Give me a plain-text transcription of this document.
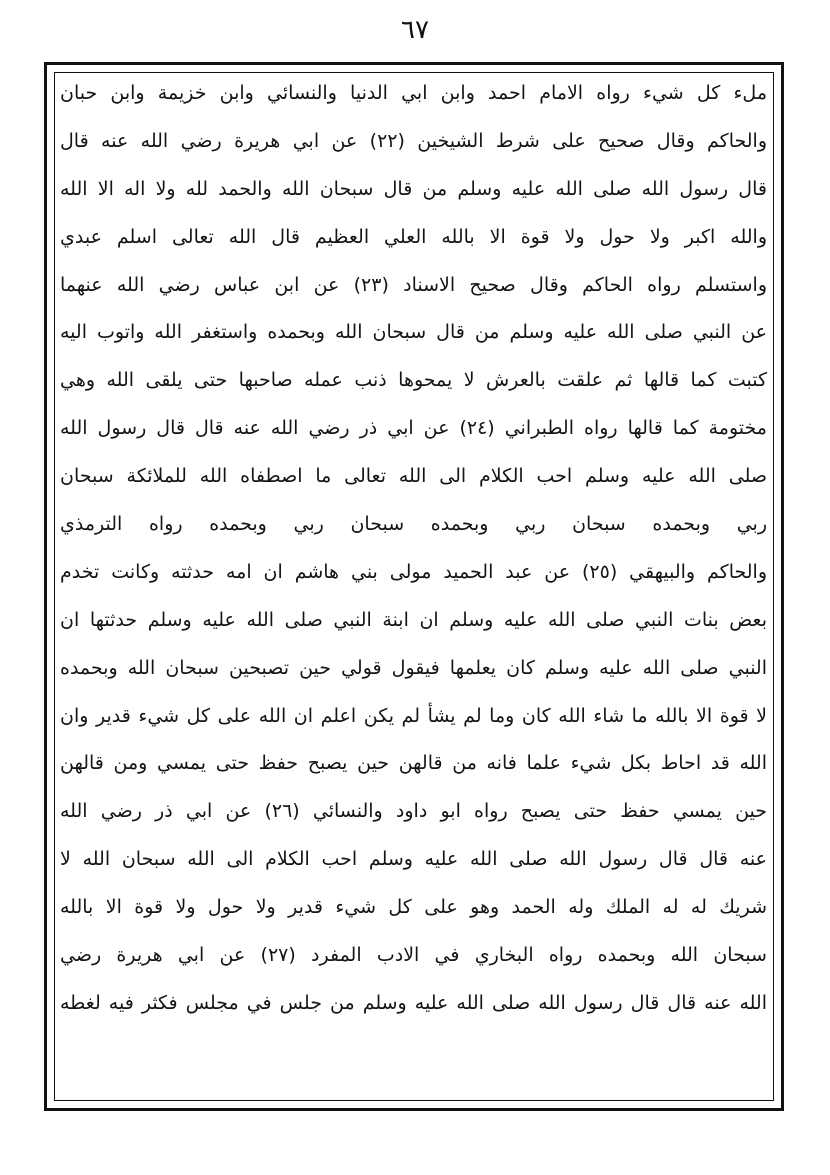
٦٧
ملء كل شيء رواه الامام احمد وابن ابي الدنيا والنسائي وابن خزيمة وابن حبان
والحاكم وقال صحيح على شرط الشيخين (٢٢) عن ابي هريرة رضي الله عنه قال
قال رسول الله صلى الله عليه وسلم من قال سبحان الله والحمد لله ولا اله الا الله
والله اكبر ولا حول ولا قوة الا بالله العلي العظيم قال الله تعالى اسلم عبدي
واستسلم رواه الحاكم وقال صحيح الاسناد (٢٣) عن ابن عباس رضي الله عنهما
عن النبي صلى الله عليه وسلم من قال سبحان الله وبحمده واستغفر الله واتوب اليه
كتبت كما قالها ثم علقت بالعرش لا يمحوها ذنب عمله صاحبها حتى يلقى الله وهي
مختومة كما قالها رواه الطبراني (٢٤) عن ابي ذر رضي الله عنه قال قال رسول الله
صلى الله عليه وسلم احب الكلام الى الله تعالى ما اصطفاه الله للملائكة سبحان
ربي وبحمده سبحان ربي وبحمده سبحان ربي وبحمده رواه الترمذي
والحاكم والبيهقي (٢٥) عن عبد الحميد مولى بني هاشم ان امه حدثته وكانت تخدم
بعض بنات النبي صلى الله عليه وسلم ان ابنة النبي صلى الله عليه وسلم حدثتها ان
النبي صلى الله عليه وسلم كان يعلمها فيقول قولي حين تصبحين سبحان الله وبحمده
لا قوة الا بالله ما شاء الله كان وما لم يشأ لم يكن اعلم ان الله على كل شيء قدير وان
الله قد احاط بكل شيء علما فانه من قالهن حين يصبح حفظ حتى يمسي ومن قالهن
حين يمسي حفظ حتى يصبح رواه ابو داود والنسائي (٢٦) عن ابي ذر رضي الله
عنه قال قال رسول الله صلى الله عليه وسلم احب الكلام الى الله سبحان الله لا
شريك له له الملك وله الحمد وهو على كل شيء قدير ولا حول ولا قوة الا بالله
سبحان الله وبحمده رواه البخاري في الادب المفرد (٢٧) عن ابي هريرة رضي
الله عنه قال قال رسول الله صلى الله عليه وسلم من جلس في مجلس فكثر فيه لغطه
